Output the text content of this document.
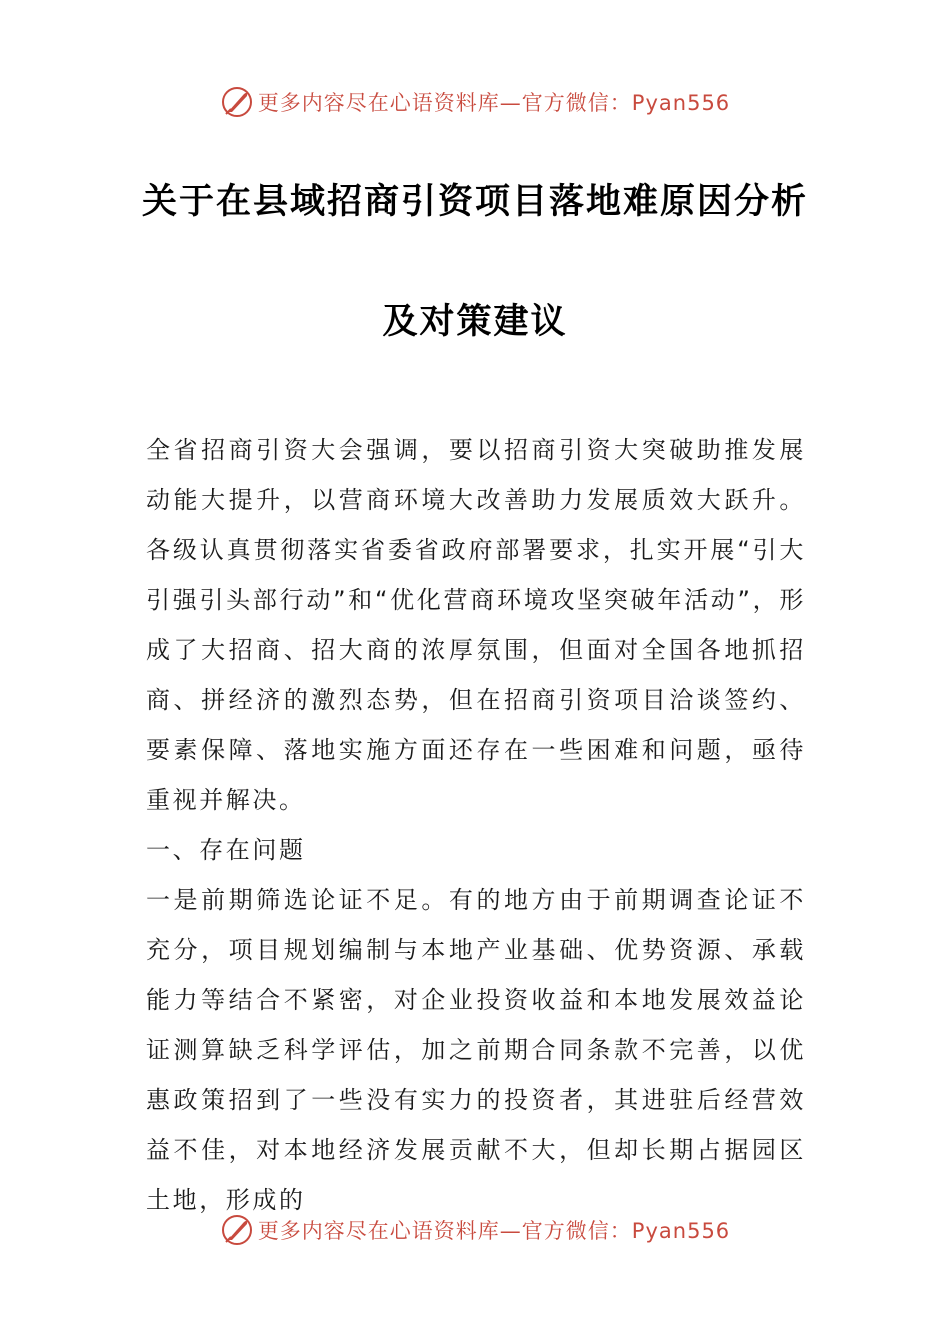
更多内容尽在心语资料库—官方微信：Pyan556
关于在县域招商引资项目落地难原因分析
及对策建议

全省招商引资大会强调，要以招商引资大突破助推发展动能大提升，以营商环境大改善助力发展质效大跃升。各级认真贯彻落实省委省政府部署要求，扎实开展“引大引强引头部行动”和“优化营商环境攻坚突破年活动”，形成了大招商、招大商的浓厚氛围，但面对全国各地抓招商、拼经济的激烈态势，但在招商引资项目洽谈签约、要素保障、落地实施方面还存在一些困难和问题，亟待重视并解决。

一、存在问题

一是前期筛选论证不足。有的地方由于前期调查论证不充分，项目规划编制与本地产业基础、优势资源、承载能力等结合不紧密，对企业投资收益和本地发展效益论证测算缺乏科学评估，加之前期合同条款不完善，以优惠政策招到了一些没有实力的投资者，其进驻后经营效益不佳，对本地经济发展贡献不大，但却长期占据园区土地，形成的

更多内容尽在心语资料库—官方微信：Pyan556
